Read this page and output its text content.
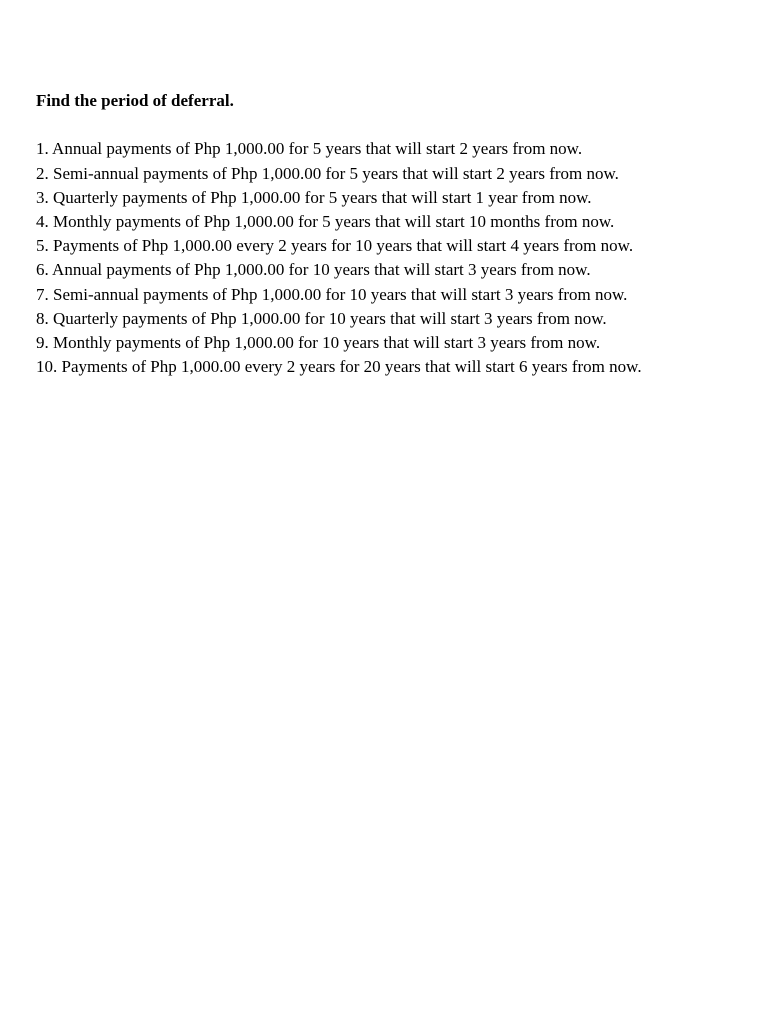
Find the period of deferral.

1. Annual payments of Php 1,000.00 for 5 years that will start 2 years from now.
2. Semi-annual payments of Php 1,000.00 for 5 years that will start 2 years from now.
3. Quarterly payments of Php 1,000.00 for 5 years that will start 1 year from now.
4. Monthly payments of Php 1,000.00 for 5 years that will start 10 months from now.
5. Payments of Php 1,000.00 every 2 years for 10 years that will start 4 years from now.
6. Annual payments of Php 1,000.00 for 10 years that will start 3 years from now.
7. Semi-annual payments of Php 1,000.00 for 10 years that will start 3 years from now.
8. Quarterly payments of Php 1,000.00 for 10 years that will start 3 years from now.
9. Monthly payments of Php 1,000.00 for 10 years that will start 3 years from now.
10. Payments of Php 1,000.00 every 2 years for 20 years that will start 6 years from now.
